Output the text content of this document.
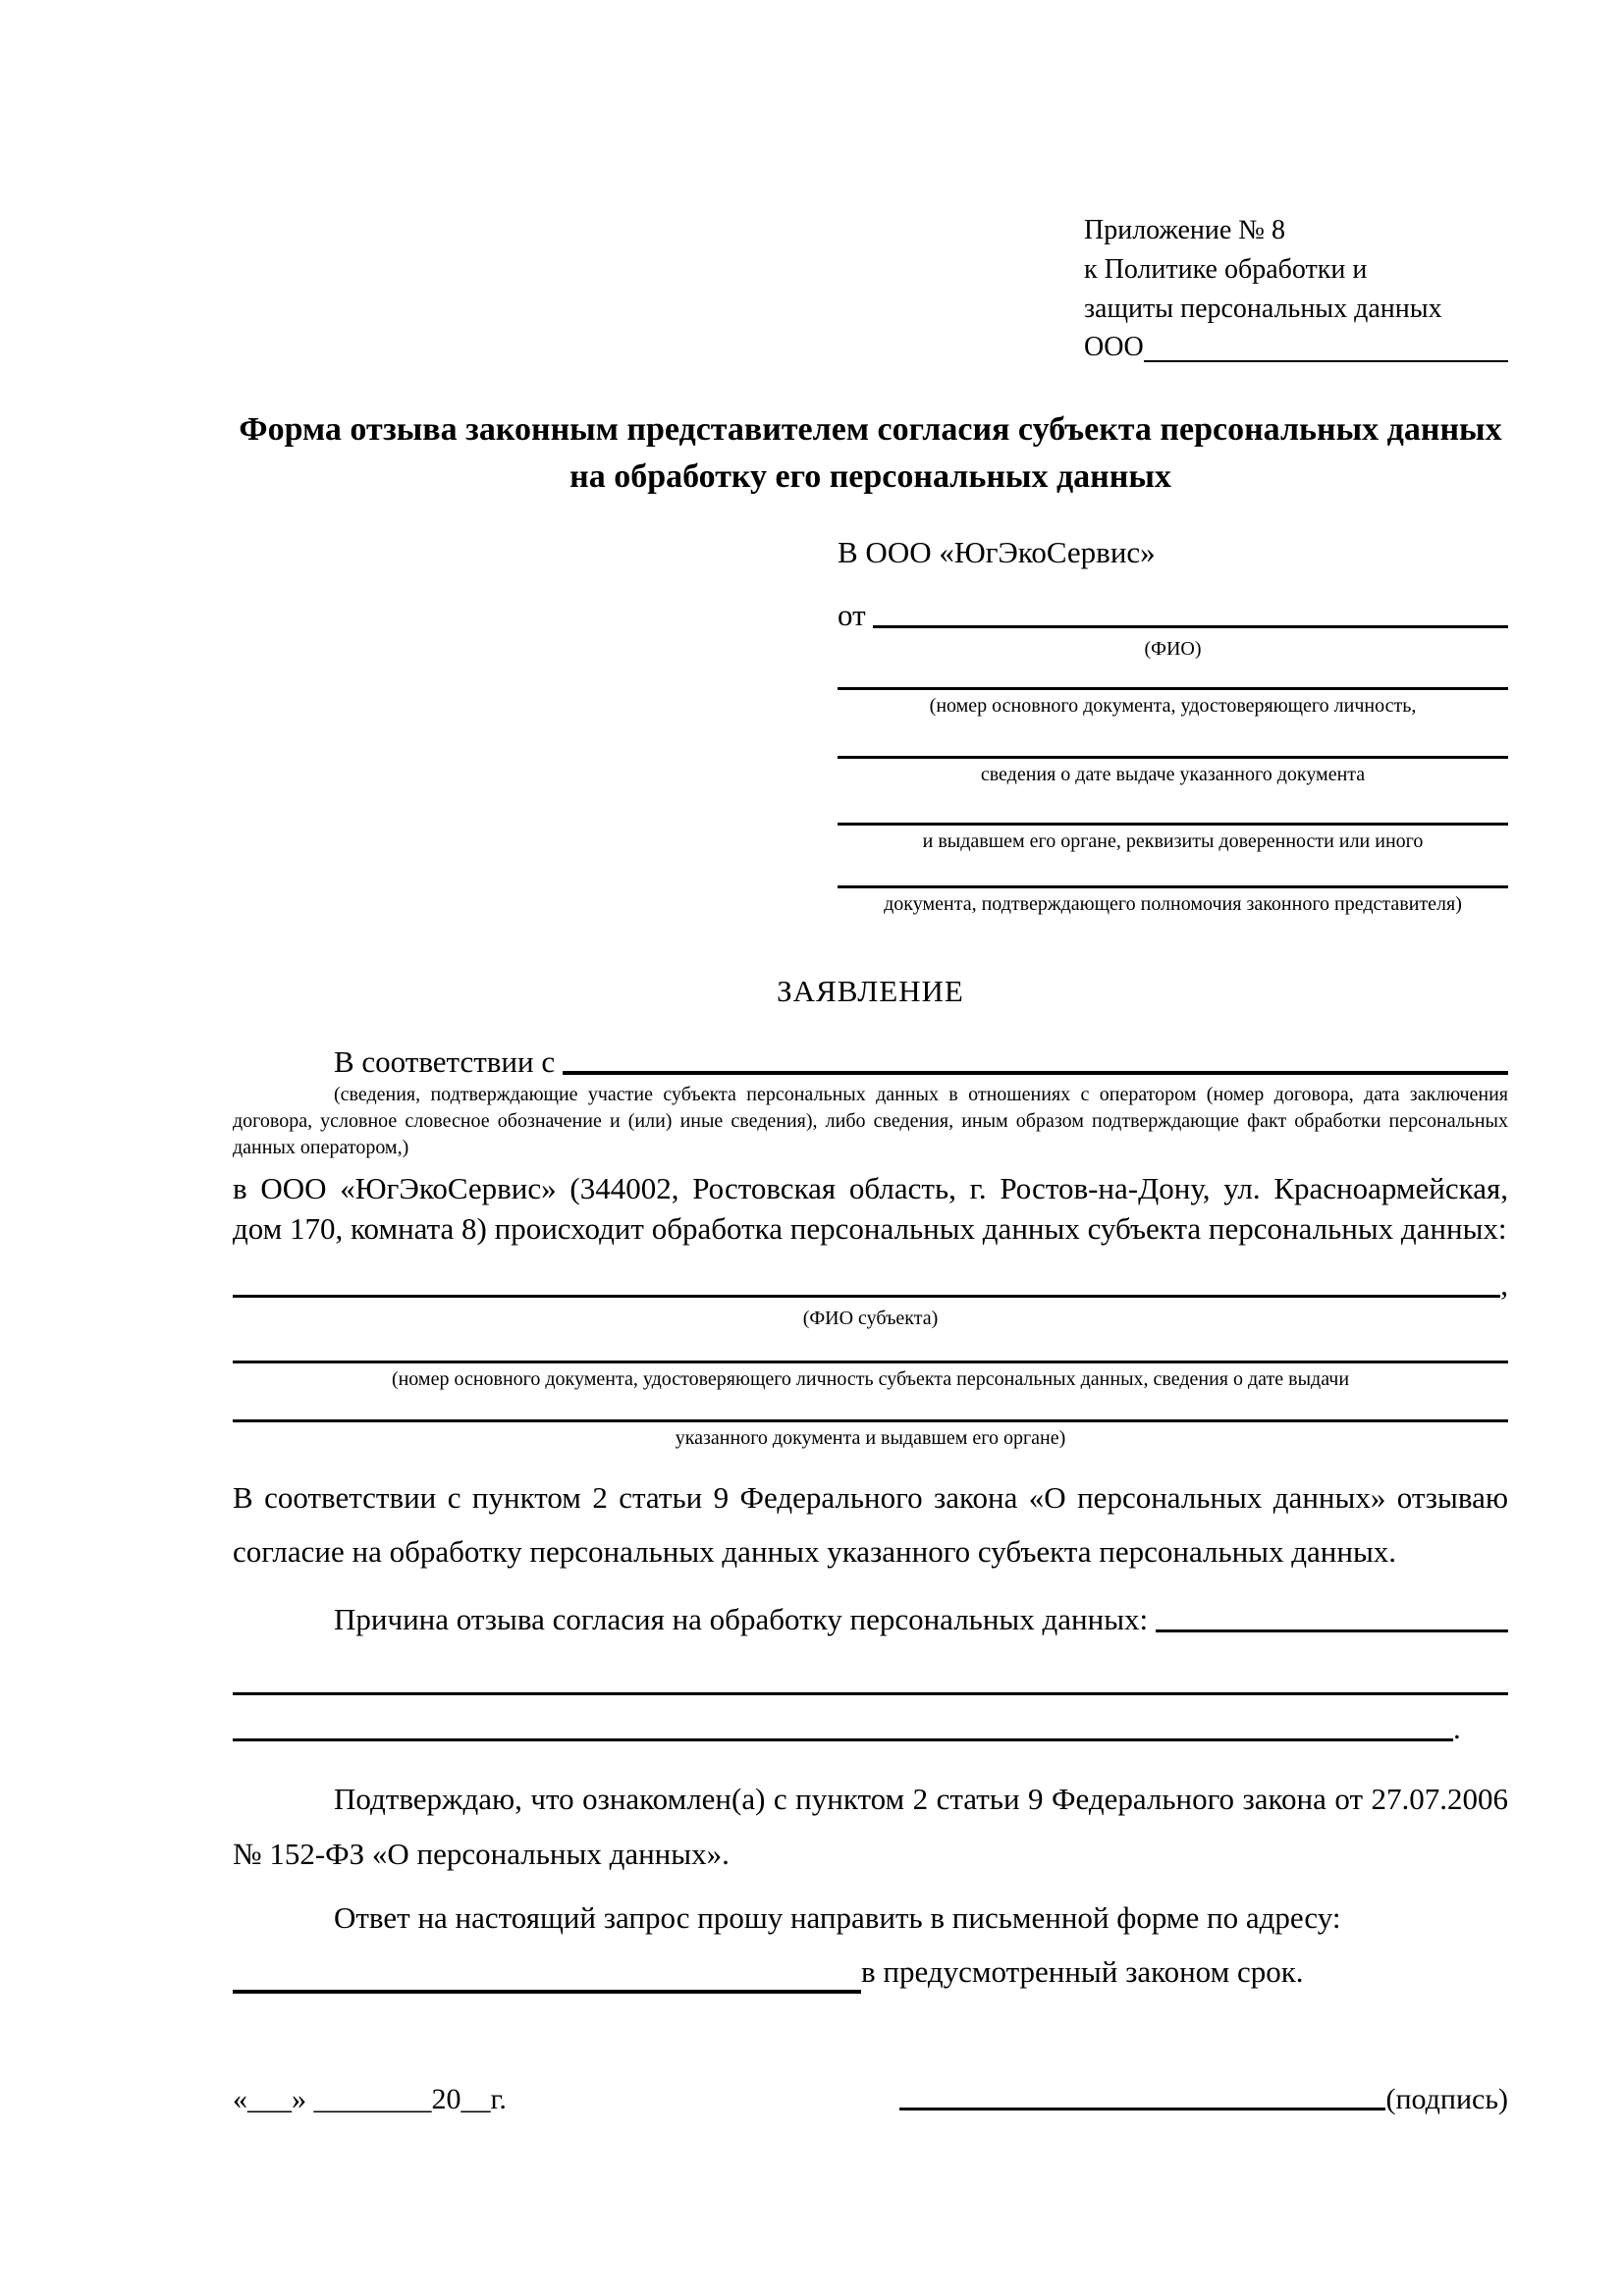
Приложение № 8
к Политике обработки и
защиты персональных данных
ООО
Форма отзыва законным представителем согласия субъекта персональных данных на обработку его персональных данных
В ООО «ЮгЭкоСервис»
от
(ФИО)
(номер основного документа, удостоверяющего личность,
сведения о дате выдаче указанного документа
и выдавшем его органе, реквизиты доверенности или иного
документа, подтверждающего полномочия законного представителя)
ЗАЯВЛЕНИЕ
В соответствии с
(сведения, подтверждающие участие субъекта персональных данных в отношениях с оператором (номер договора, дата заключения договора, условное словесное обозначение и (или) иные сведения), либо сведения, иным образом подтверждающие факт обработки персональных данных оператором,)
в ООО «ЮгЭкоСервис» (344002, Ростовская область, г. Ростов-на-Дону, ул. Красноармейская, дом 170, комната 8) происходит обработка персональных данных субъекта персональных данных:
,
(ФИО субъекта)
(номер основного документа, удостоверяющего личность субъекта персональных данных, сведения о дате выдачи
указанного документа и выдавшем его органе)
В соответствии с пунктом 2 статьи 9 Федерального закона «О персональных данных» отзываю согласие на обработку персональных данных указанного субъекта персональных данных.
Причина отзыва согласия на обработку персональных данных:
.
Подтверждаю, что ознакомлен(а) с пунктом 2 статьи 9 Федерального закона от 27.07.2006 № 152-ФЗ «О персональных данных».
Ответ на настоящий запрос прошу направить в письменной форме по адресу:
в предусмотренный законом срок.
«___» ________20__г.	(подпись)
